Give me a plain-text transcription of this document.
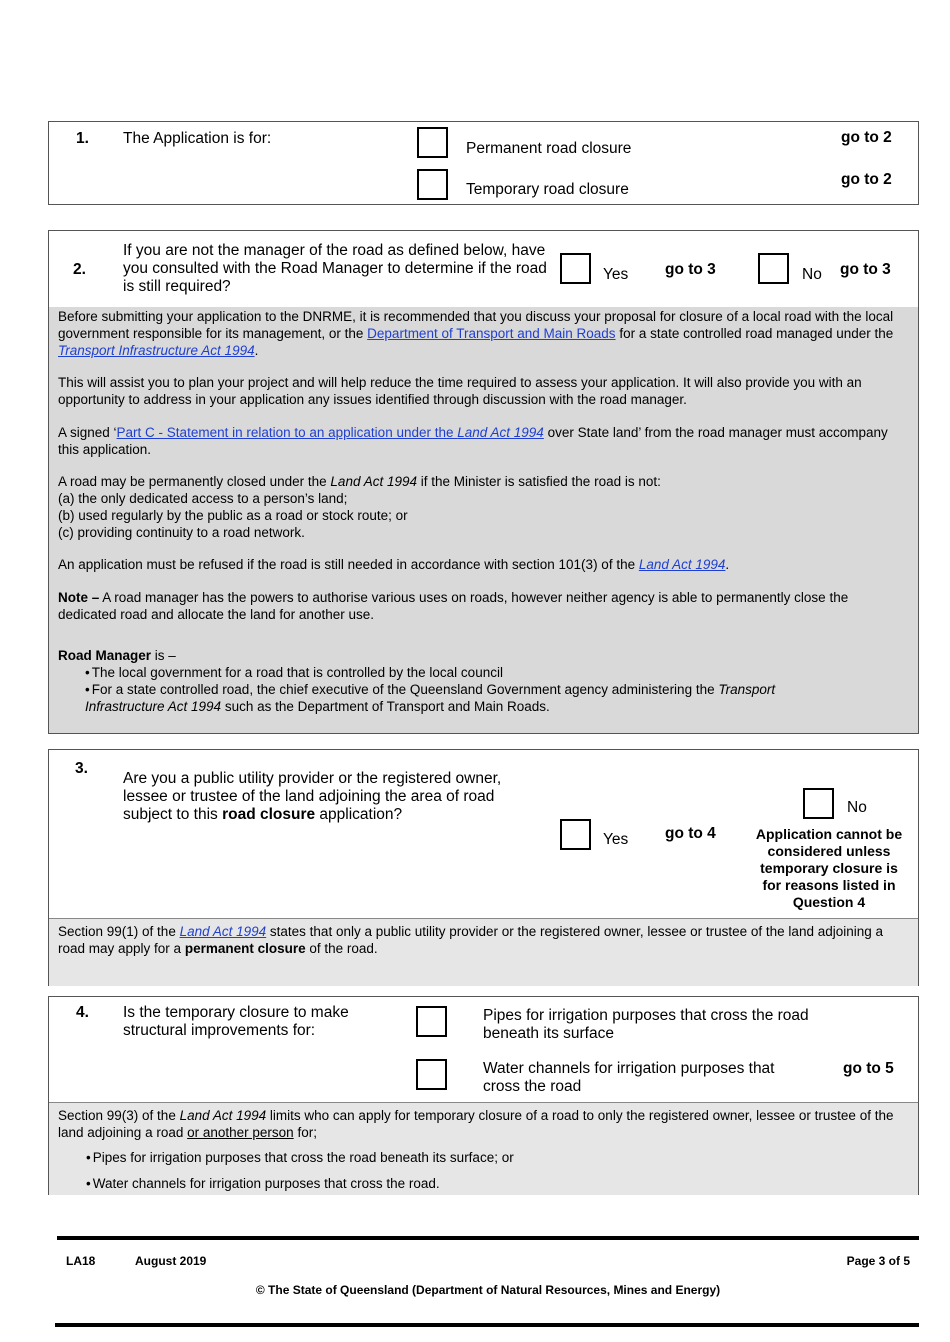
1. The Application is for:
Permanent road closure
go to 2
Temporary road closure
go to 2
2.
If you are not the manager of the road as defined below, have you consulted with the Road Manager to determine if the road is still required?
Yes go to 3	No go to 3
Before submitting your application to the DNRME, it is recommended that you discuss your proposal for closure of a local road with the local government responsible for its management, or the Department of Transport and Main Roads for a state controlled road managed under the Transport Infrastructure Act 1994.
This will assist you to plan your project and will help reduce the time required to assess your application. It will also provide you with an opportunity to address in your application any issues identified through discussion with the road manager.
A signed ‘Part C - Statement in relation to an application under the Land Act 1994 over State land’ from the road manager must accompany this application.
A road may be permanently closed under the Land Act 1994 if the Minister is satisfied the road is not:
(a) the only dedicated access to a person’s land;
(b) used regularly by the public as a road or stock route; or
(c) providing continuity to a road network.
An application must be refused if the road is still needed in accordance with section 101(3) of the Land Act 1994.
Note – A road manager has the powers to authorise various uses on roads, however neither agency is able to permanently close the dedicated road and allocate the land for another use.
Road Manager is –
• The local government for a road that is controlled by the local council
• For a state controlled road, the chief executive of the Queensland Government agency administering the Transport Infrastructure Act 1994 such as the Department of Transport and Main Roads.
3.
Are you a public utility provider or the registered owner, lessee or trustee of the land adjoining the area of road subject to this road closure application?
Yes go to 4
No
Application cannot be considered unless temporary closure is for reasons listed in Question 4
Section 99(1) of the Land Act 1994 states that only a public utility provider or the registered owner, lessee or trustee of the land adjoining a road may apply for a permanent closure of the road.
4. Is the temporary closure to make structural improvements for:
Pipes for irrigation purposes that cross the road beneath its surface
Water channels for irrigation purposes that cross the road
go to 5
Section 99(3) of the Land Act 1994 limits who can apply for temporary closure of a road to only the registered owner, lessee or trustee of the land adjoining a road or another person for;
• Pipes for irrigation purposes that cross the road beneath its surface; or
• Water channels for irrigation purposes that cross the road.
LA18	August 2019	Page 3 of 5
© The State of Queensland (Department of Natural Resources, Mines and Energy)
